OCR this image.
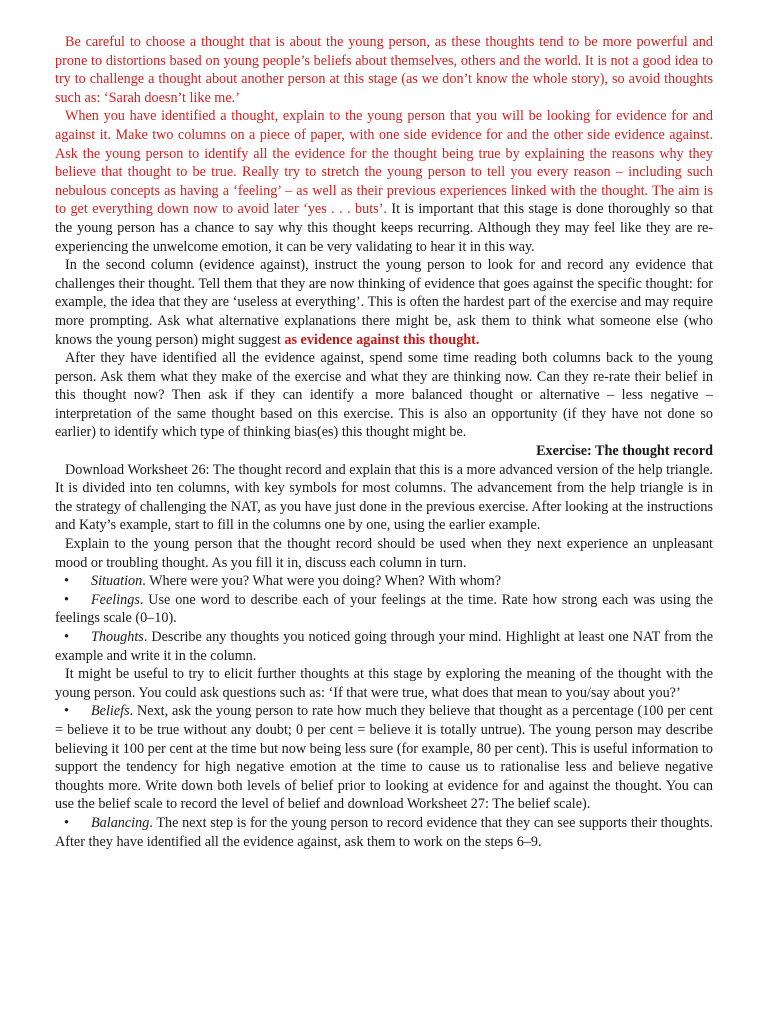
Be careful to choose a thought that is about the young person, as these thoughts tend to be more powerful and prone to distortions based on young people’s beliefs about themselves, others and the world. It is not a good idea to try to challenge a thought about another person at this stage (as we don’t know the whole story), so avoid thoughts such as: ‘Sarah doesn’t like me.’

When you have identified a thought, explain to the young person that you will be looking for evidence for and against it. Make two columns on a piece of paper, with one side evidence for and the other side evidence against. Ask the young person to identify all the evidence for the thought being true by explaining the reasons why they believe that thought to be true. Really try to stretch the young person to tell you every reason – including such nebulous concepts as having a ‘feeling’ – as well as their previous experiences linked with the thought. The aim is to get everything down now to avoid later ‘yes . . . buts’. It is important that this stage is done thoroughly so that the young person has a chance to say why this thought keeps recurring. Although they may feel like they are re-experiencing the unwelcome emotion, it can be very validating to hear it in this way.

In the second column (evidence against), instruct the young person to look for and record any evidence that challenges their thought. Tell them that they are now thinking of evidence that goes against the specific thought: for example, the idea that they are ‘useless at everything’. This is often the hardest part of the exercise and may require more prompting. Ask what alternative explanations there might be, ask them to think what someone else (who knows the young person) might suggest as evidence against this thought.

After they have identified all the evidence against, spend some time reading both columns back to the young person. Ask them what they make of the exercise and what they are thinking now. Can they re-rate their belief in this thought now? Then ask if they can identify a more balanced thought or alternative – less negative – interpretation of the same thought based on this exercise. This is also an opportunity (if they have not done so earlier) to identify which type of thinking bias(es) this thought might be.

Exercise: The thought record

Download Worksheet 26: The thought record and explain that this is a more advanced version of the help triangle. It is divided into ten columns, with key symbols for most columns. The advancement from the help triangle is in the strategy of challenging the NAT, as you have just done in the previous exercise. After looking at the instructions and Katy’s example, start to fill in the columns one by one, using the earlier example.

Explain to the young person that the thought record should be used when they next experience an unpleasant mood or troubling thought. As you fill it in, discuss each column in turn.

• Situation. Where were you? What were you doing? When? With whom?

• Feelings. Use one word to describe each of your feelings at the time. Rate how strong each was using the feelings scale (0–10).

• Thoughts. Describe any thoughts you noticed going through your mind. Highlight at least one NAT from the example and write it in the column.

It might be useful to try to elicit further thoughts at this stage by exploring the meaning of the thought with the young person. You could ask questions such as: ‘If that were true, what does that mean to you/say about you?’

• Beliefs. Next, ask the young person to rate how much they believe that thought as a percentage (100 per cent = believe it to be true without any doubt; 0 per cent = believe it is totally untrue). The young person may describe believing it 100 per cent at the time but now being less sure (for example, 80 per cent). This is useful information to support the tendency for high negative emotion at the time to cause us to rationalise less and believe negative thoughts more. Write down both levels of belief prior to looking at evidence for and against the thought. You can use the belief scale to record the level of belief and download Worksheet 27: The belief scale).

• Balancing. The next step is for the young person to record evidence that they can see supports their thoughts. After they have identified all the evidence against, ask them to work on the steps 6–9.
